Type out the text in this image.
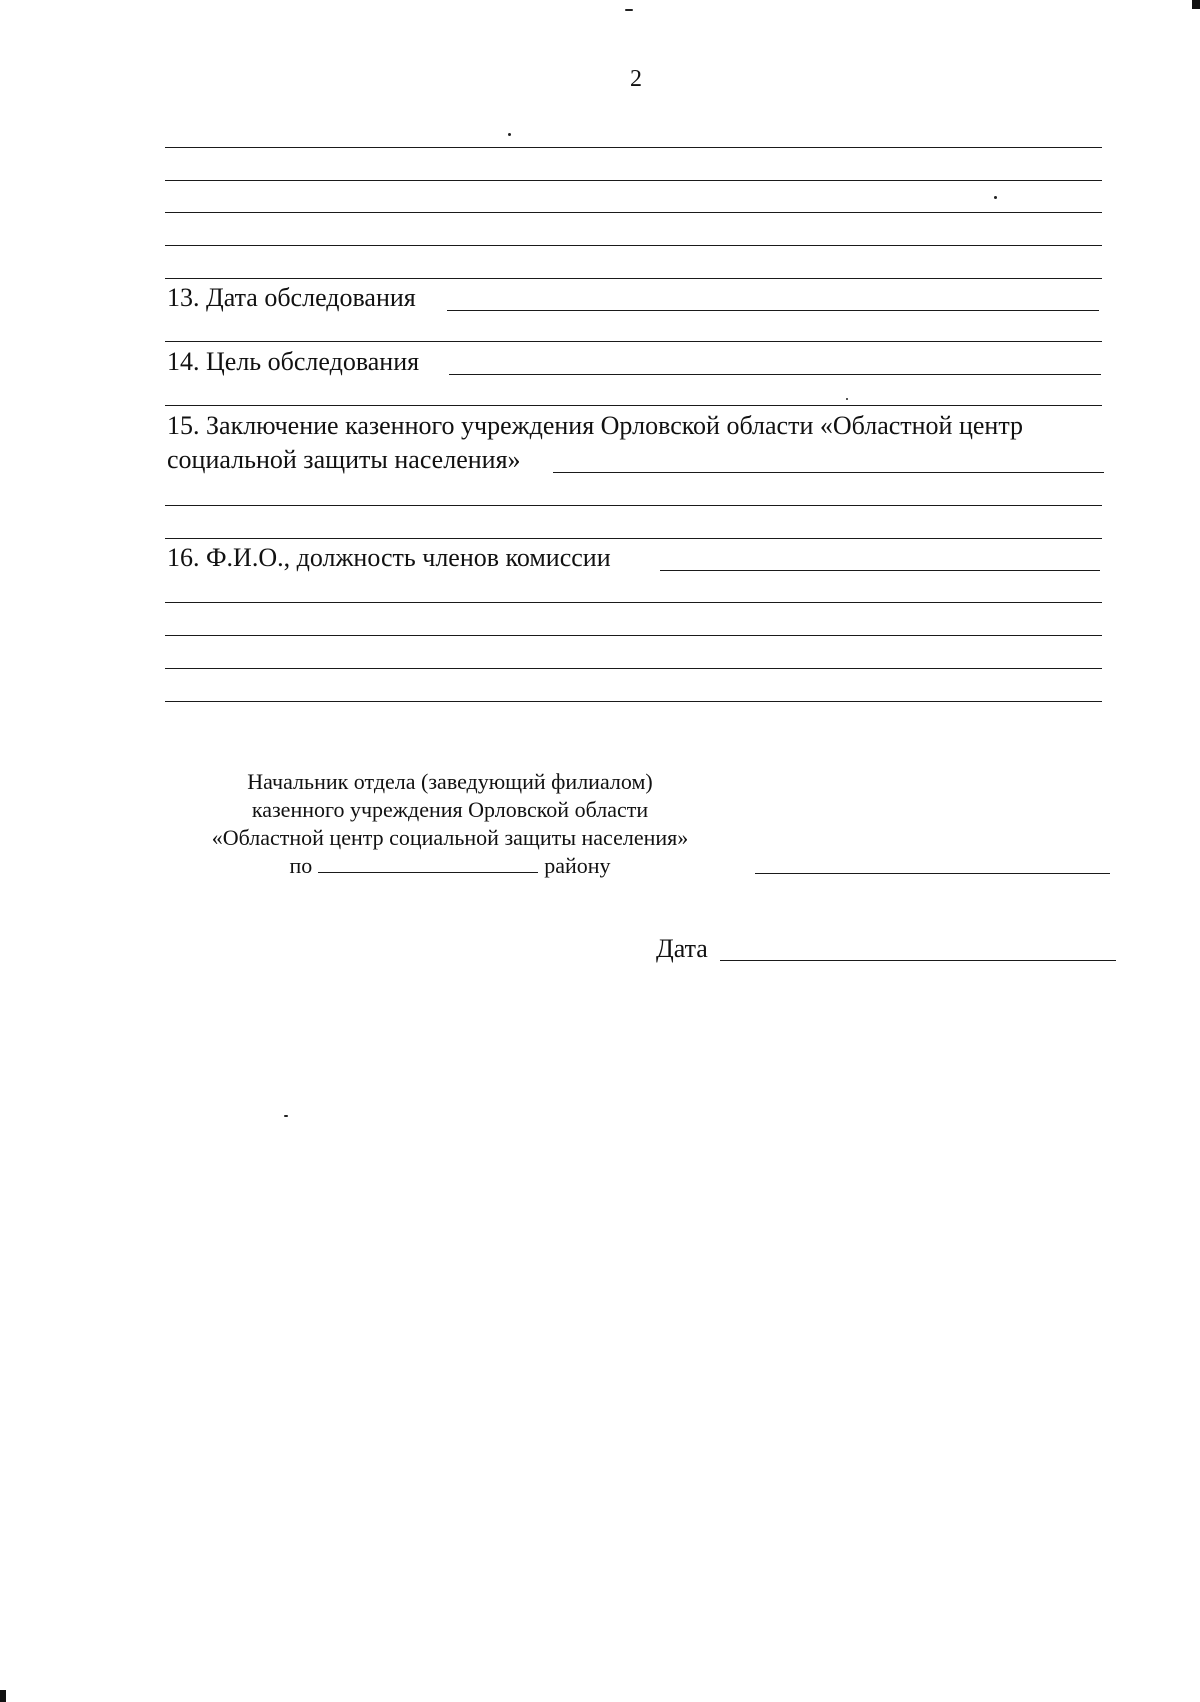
2
13. Дата обследования
14. Цель обследования
15. Заключение казенного учреждения Орловской области «Областной центр
социальной защиты населения»
16. Ф.И.О., должность членов комиссии
Начальник отдела (заведующий филиалом)
казенного учреждения Орловской области
«Областной центр социальной защиты населения»
по	району
Дата
